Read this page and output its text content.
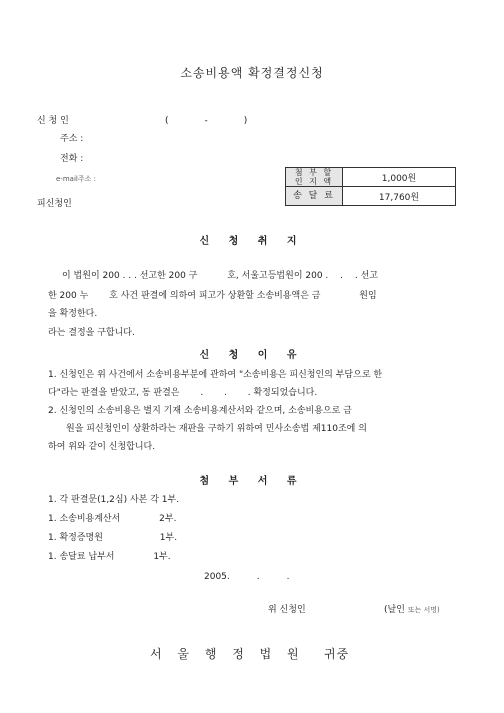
소송비용액 확정결정신청
신 청 인	(　　　　-　　　　)
주소 :
전화 :
e-mail주소 :
피신청인
첨 부 할
인 지 액	1,000원
송 달 료	17,760원
신 청 취 지
이 법원이 200 . . . 선고한 200 구 　　　호, 서울고등법원이 200 . 　. 　. 선고
한 200 누 　　호 사건 판결에 의하여 피고가 상환할 소송비용액은 금 　　　　원임
을 확정한다.
라는 결정을 구합니다.
신 청 이 유
1. 신청인은 위 사건에서 소송비용부분에 관하여 "소송비용은 피신청인의 부담으로 한
다"라는 판결을 받았고, 동 판결은 　　. 　　. 　　. 확정되었습니다.
2. 신청인의 소송비용은 별지 기재 소송비용계산서와 같으며, 소송비용으로 금
　　원을 피신청인이 상환하라는 재판을 구하기 위하여 민사소송법 제110조에 의
하여 위와 같이 신청합니다.
첨 부 서 류
1. 각 판결문(1,2심) 사본 각 1부.
1. 소송비용계산서 　　　　2부.
1. 확정증명원 　　　　　　1부.
1. 송달료 납부서 　　　　1부.
2005.　　　.　　　.
위 신청인	(날인 또는 서명)
서 울 행 정 법 원 귀중
